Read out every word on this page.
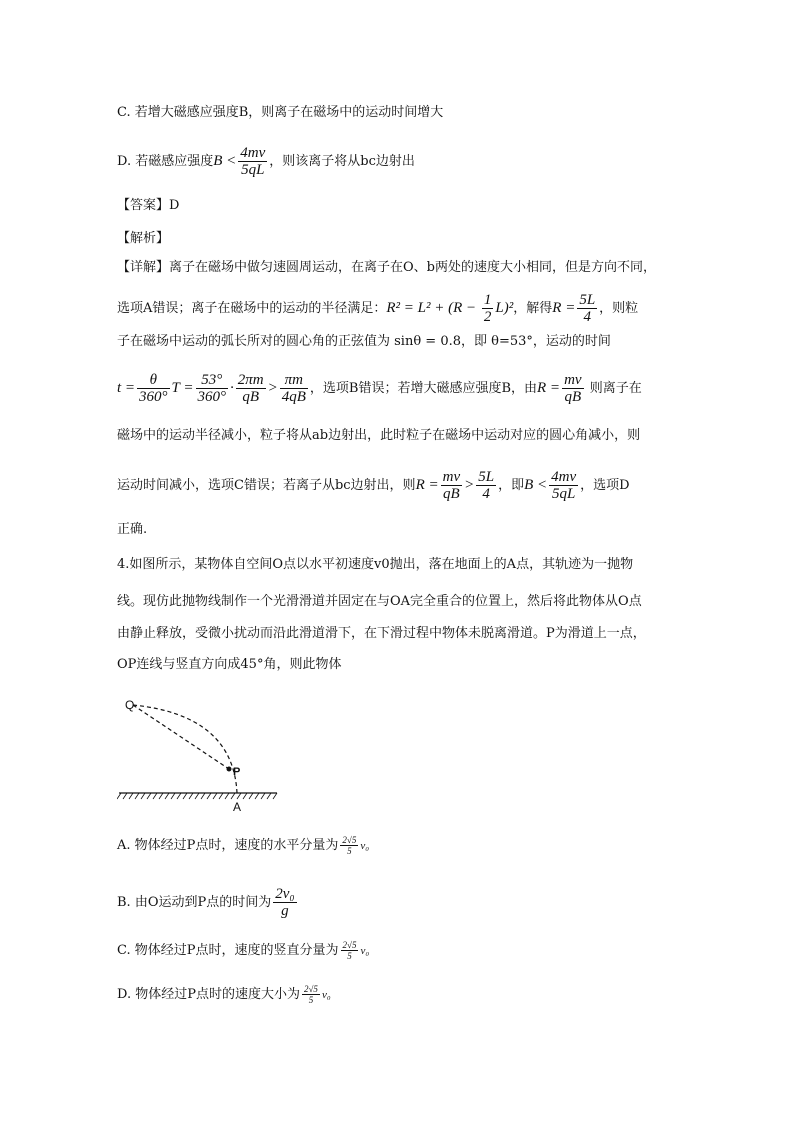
C. 若增大磁感应强度B，则离子在磁场中的运动时间增大
D. 若磁感应强度$B < \frac{4mv}{5qL}$ ，则该离子将从bc边射出
【答案】D
【解析】
【详解】离子在磁场中做匀速圆周运动，在离子在O、b两处的速度大小相同，但是方向不同，
选项A错误；离子在磁场中的运动的半径满足：$R^2 = L^2 + (R - \frac{1}{2} L)^2$，解得$R = \frac{5L}{4}$ ，则粒
子在磁场中运动的弧长所对的圆心角的正弦值为 sinθ = 0.8，即 θ=53°，运动的时间
$t = \frac{\theta}{360^\circ}$ $T = \frac{53^\circ}{360^\circ} \cdot \frac{2\pi m}{qB} > \frac{\pi m}{4qB}$ ，选项B错误；若增大磁感应强度B，由$R = \frac{mv}{qB}$ 则离子在
磁场中的运动半径减小，粒子将从ab边射出，此时粒子在磁场中运动对应的圆心角减小，则
运动时间减小，选项C错误；若离子从bc边射出，则$R = \frac{mv}{qB} > \frac{5L}{4}$ ，即$B < \frac{4mv}{5qL}$ ，选项D
正确.
4.如图所示，某物体自空间O点以水平初速度v0抛出，落在地面上的A点，其轨迹为一抛物
线。现仿此抛物线制作一个光滑滑道并固定在与OA完全重合的位置上，然后将此物体从O点
由静止释放，受微小扰动而沿此滑道滑下，在下滑过程中物体未脱离滑道。P为滑道上一点，
OP连线与竖直方向成45°角，则此物体
Q
P
A
A. 物体经过P点时，速度的水平分量为 $\frac{2√5}{5} v_0$
B. 由O运动到P点的时间为 $\frac{\text{2v₀}}{g}$
C. 物体经过P点时，速度的竖直分量为 $\frac{2√5}{5} v_0$
D. 物体经过P点时的速度大小为 $\frac{2√5}{5} v_0$
